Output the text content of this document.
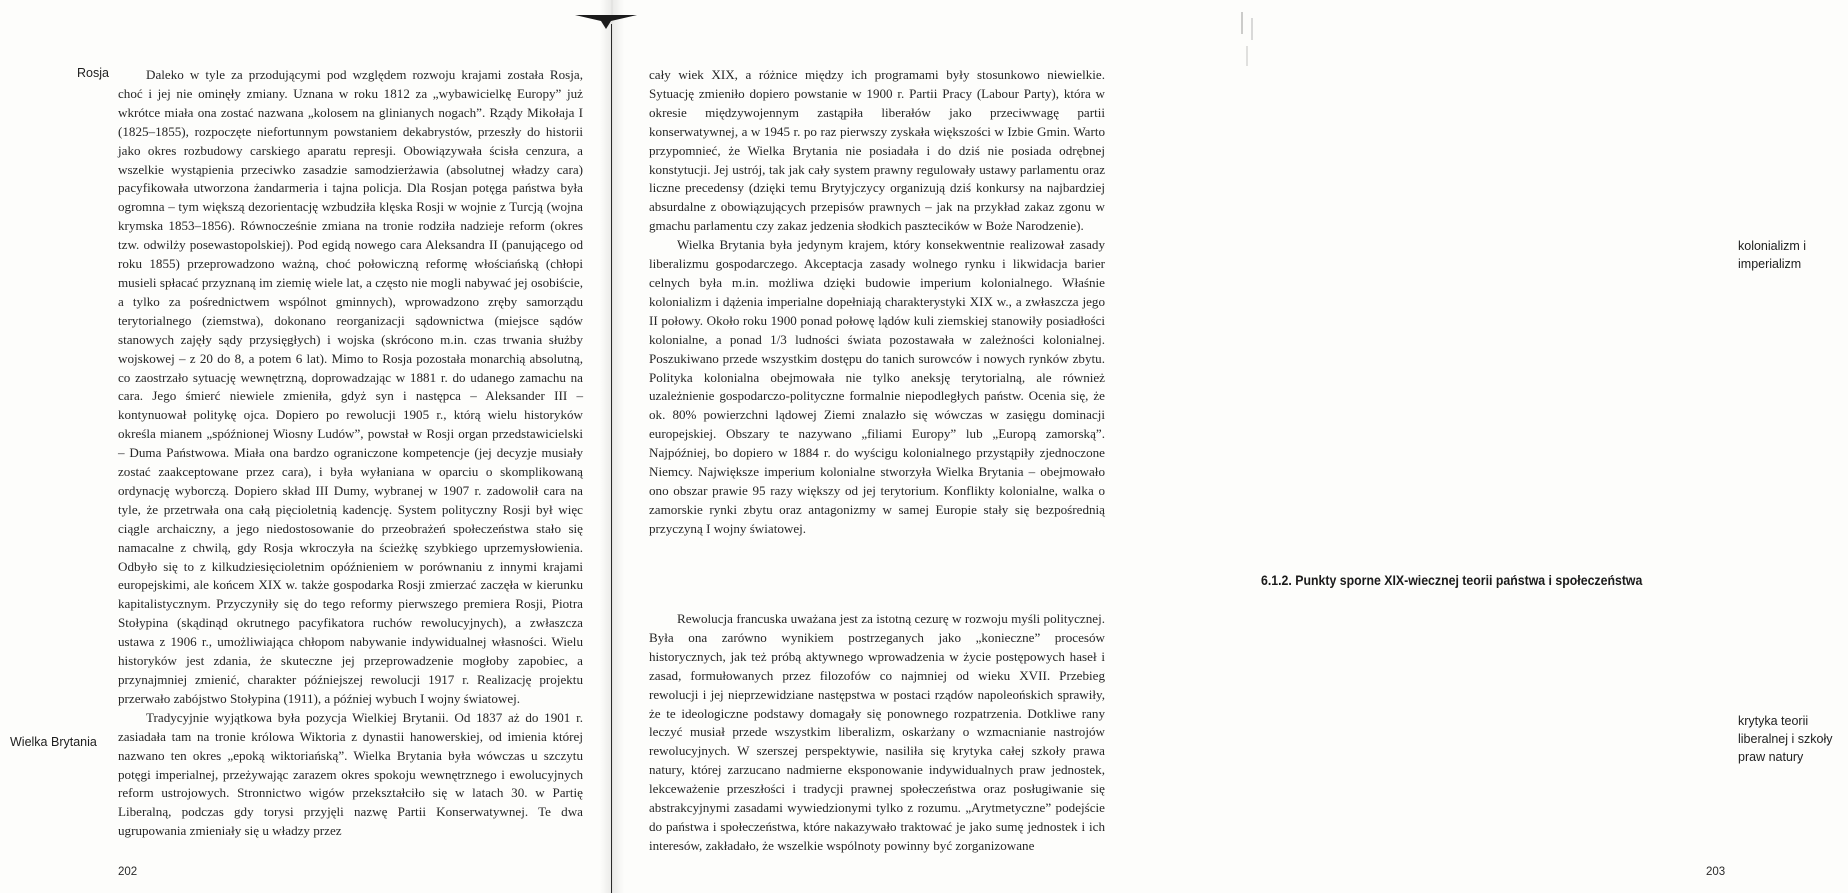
Rosja
Wielka Brytania

Daleko w tyle za przodującymi pod względem rozwoju krajami została Rosja, choć i jej nie ominęły zmiany. Uznana w roku 1812 za „wybawicielkę Europy” już wkrótce miała ona zostać nazwana „kolosem na glinianych nogach”. Rządy Mikołaja I (1825–1855), rozpoczęte niefortunnym powstaniem dekabrystów, przeszły do historii jako okres rozbudowy carskiego aparatu represji. Obowiązywała ścisła cenzura, a wszelkie wystąpienia przeciwko zasadzie samodzierżawia (absolutnej władzy cara) pacyfikowała utworzona żandarmeria i tajna policja. Dla Rosjan potęga państwa była ogromna – tym większą dezorientację wzbudziła klęska Rosji w wojnie z Turcją (wojna krymska 1853–1856). Równocześnie zmiana na tronie rodziła nadzieje reform (okres tzw. odwilży posewastopolskiej). Pod egidą nowego cara Aleksandra II (panującego od roku 1855) przeprowadzono ważną, choć połowiczną reformę włościańską (chłopi musieli spłacać przyznaną im ziemię wiele lat, a często nie mogli nabywać jej osobiście, a tylko za pośrednictwem wspólnot gminnych), wprowadzono zręby samorządu terytorialnego (ziemstwa), dokonano reorganizacji sądownictwa (miejsce sądów stanowych zajęły sądy przysięgłych) i wojska (skrócono m.in. czas trwania służby wojskowej – z 20 do 8, a potem 6 lat). Mimo to Rosja pozostała monarchią absolutną, co zaostrzało sytuację wewnętrzną, doprowadzając w 1881 r. do udanego zamachu na cara. Jego śmierć niewiele zmieniła, gdyż syn i następca – Aleksander III – kontynuował politykę ojca. Dopiero po rewolucji 1905 r., którą wielu historyków określa mianem „spóźnionej Wiosny Ludów”, powstał w Rosji organ przedstawicielski – Duma Państwowa. Miała ona bardzo ograniczone kompetencje (jej decyzje musiały zostać zaakceptowane przez cara), i była wyłaniana w oparciu o skomplikowaną ordynację wyborczą. Dopiero skład III Dumy, wybranej w 1907 r. zadowolił cara na tyle, że przetrwała ona całą pięcioletnią kadencję. System polityczny Rosji był więc ciągle archaiczny, a jego niedostosowanie do przeobrażeń społeczeństwa stało się namacalne z chwilą, gdy Rosja wkroczyła na ścieżkę szybkiego uprzemysłowienia. Odbyło się to z kilkudziesięcioletnim opóźnieniem w porównaniu z innymi krajami europejskimi, ale końcem XIX w. także gospodarka Rosji zmierzać zaczęła w kierunku kapitalistycznym. Przyczyniły się do tego reformy pierwszego premiera Rosji, Piotra Stołypina (skądinąd okrutnego pacyfikatora ruchów rewolucyjnych), a zwłaszcza ustawa z 1906 r., umożliwiająca chłopom nabywanie indywidualnej własności. Wielu historyków jest zdania, że skuteczne jej przeprowadzenie mogłoby zapobiec, a przynajmniej zmienić, charakter późniejszej rewolucji 1917 r. Realizację projektu przerwało zabójstwo Stołypina (1911), a później wybuch I wojny światowej.

Tradycyjnie wyjątkowa była pozycja Wielkiej Brytanii. Od 1837 aż do 1901 r. zasiadała tam na tronie królowa Wiktoria z dynastii hanowerskiej, od imienia której nazwano ten okres „epoką wiktoriańską”. Wielka Brytania była wówczas u szczytu potęgi imperialnej, przeżywając zarazem okres spokoju wewnętrznego i ewolucyjnych reform ustrojowych. Stronnictwo wigów przekształciło się w latach 30. w Partię Liberalną, podczas gdy torysi przyjęli nazwę Partii Konserwatywnej. Te dwa ugrupowania zmieniały się u władzy przez

202
kolonializm i imperializm
krytyka teorii liberalnej i szkoły praw natury
6.1.2. Punkty sporne XIX-wiecznej teorii państwa i społeczeństwa
203

cały wiek XIX, a różnice między ich programami były stosunkowo niewielkie. Sytuację zmieniło dopiero powstanie w 1900 r. Partii Pracy (Labour Party), która w okresie międzywojennym zastąpiła liberałów jako przeciwwagę partii konserwatywnej, a w 1945 r. po raz pierwszy zyskała większości w Izbie Gmin. Warto przypomnieć, że Wielka Brytania nie posiadała i do dziś nie posiada odrębnej konstytucji. Jej ustrój, tak jak cały system prawny regulowały ustawy parlamentu oraz liczne precedensy (dzięki temu Brytyjczycy organizują dziś konkursy na najbardziej absurdalne z obowiązujących przepisów prawnych – jak na przykład zakaz zgonu w gmachu parlamentu czy zakaz jedzenia słodkich pasztecików w Boże Narodzenie).

Wielka Brytania była jedynym krajem, który konsekwentnie realizował zasady liberalizmu gospodarczego. Akceptacja zasady wolnego rynku i likwidacja barier celnych była m.in. możliwa dzięki budowie imperium kolonialnego. Właśnie kolonializm i dążenia imperialne dopełniają charakterystyki XIX w., a zwłaszcza jego II połowy. Około roku 1900 ponad połowę lądów kuli ziemskiej stanowiły posiadłości kolonialne, a ponad 1/3 ludności świata pozostawała w zależności kolonialnej. Poszukiwano przede wszystkim dostępu do tanich surowców i nowych rynków zbytu. Polityka kolonialna obejmowała nie tylko aneksję terytorialną, ale również uzależnienie gospodarczo-polityczne formalnie niepodległych państw. Ocenia się, że ok. 80% powierzchni lądowej Ziemi znalazło się wówczas w zasięgu dominacji europejskiej. Obszary te nazywano „filiami Europy” lub „Europą zamorską”. Najpóźniej, bo dopiero w 1884 r. do wyścigu kolonialnego przystąpiły zjednoczone Niemcy. Największe imperium kolonialne stworzyła Wielka Brytania – obejmowało ono obszar prawie 95 razy większy od jej terytorium. Konflikty kolonialne, walka o zamorskie rynki zbytu oraz antagonizmy w samej Europie stały się bezpośrednią przyczyną I wojny światowej.

Rewolucja francuska uważana jest za istotną cezurę w rozwoju myśli politycznej. Była ona zarówno wynikiem postrzeganych jako „konieczne” procesów historycznych, jak też próbą aktywnego wprowadzenia w życie postępowych haseł i zasad, formułowanych przez filozofów co najmniej od wieku XVII. Przebieg rewolucji i jej nieprzewidziane następstwa w postaci rządów napoleońskich sprawiły, że te ideologiczne podstawy domagały się ponownego rozpatrzenia. Dotkliwe rany leczyć musiał przede wszystkim liberalizm, oskarżany o wzmacnianie nastrojów rewolucyjnych. W szerszej perspektywie, nasiliła się krytyka całej szkoły prawa natury, której zarzucano nadmierne eksponowanie indywidualnych praw jednostek, lekceważenie przeszłości i tradycji prawnej społeczeństwa oraz posługiwanie się abstrakcyjnymi zasadami wywiedzionymi tylko z rozumu. „Arytmetyczne” podejście do państwa i społeczeństwa, które nakazywało traktować je jako sumę jednostek i ich interesów, zakładało, że wszelkie wspólnoty powinny być zorganizowane
